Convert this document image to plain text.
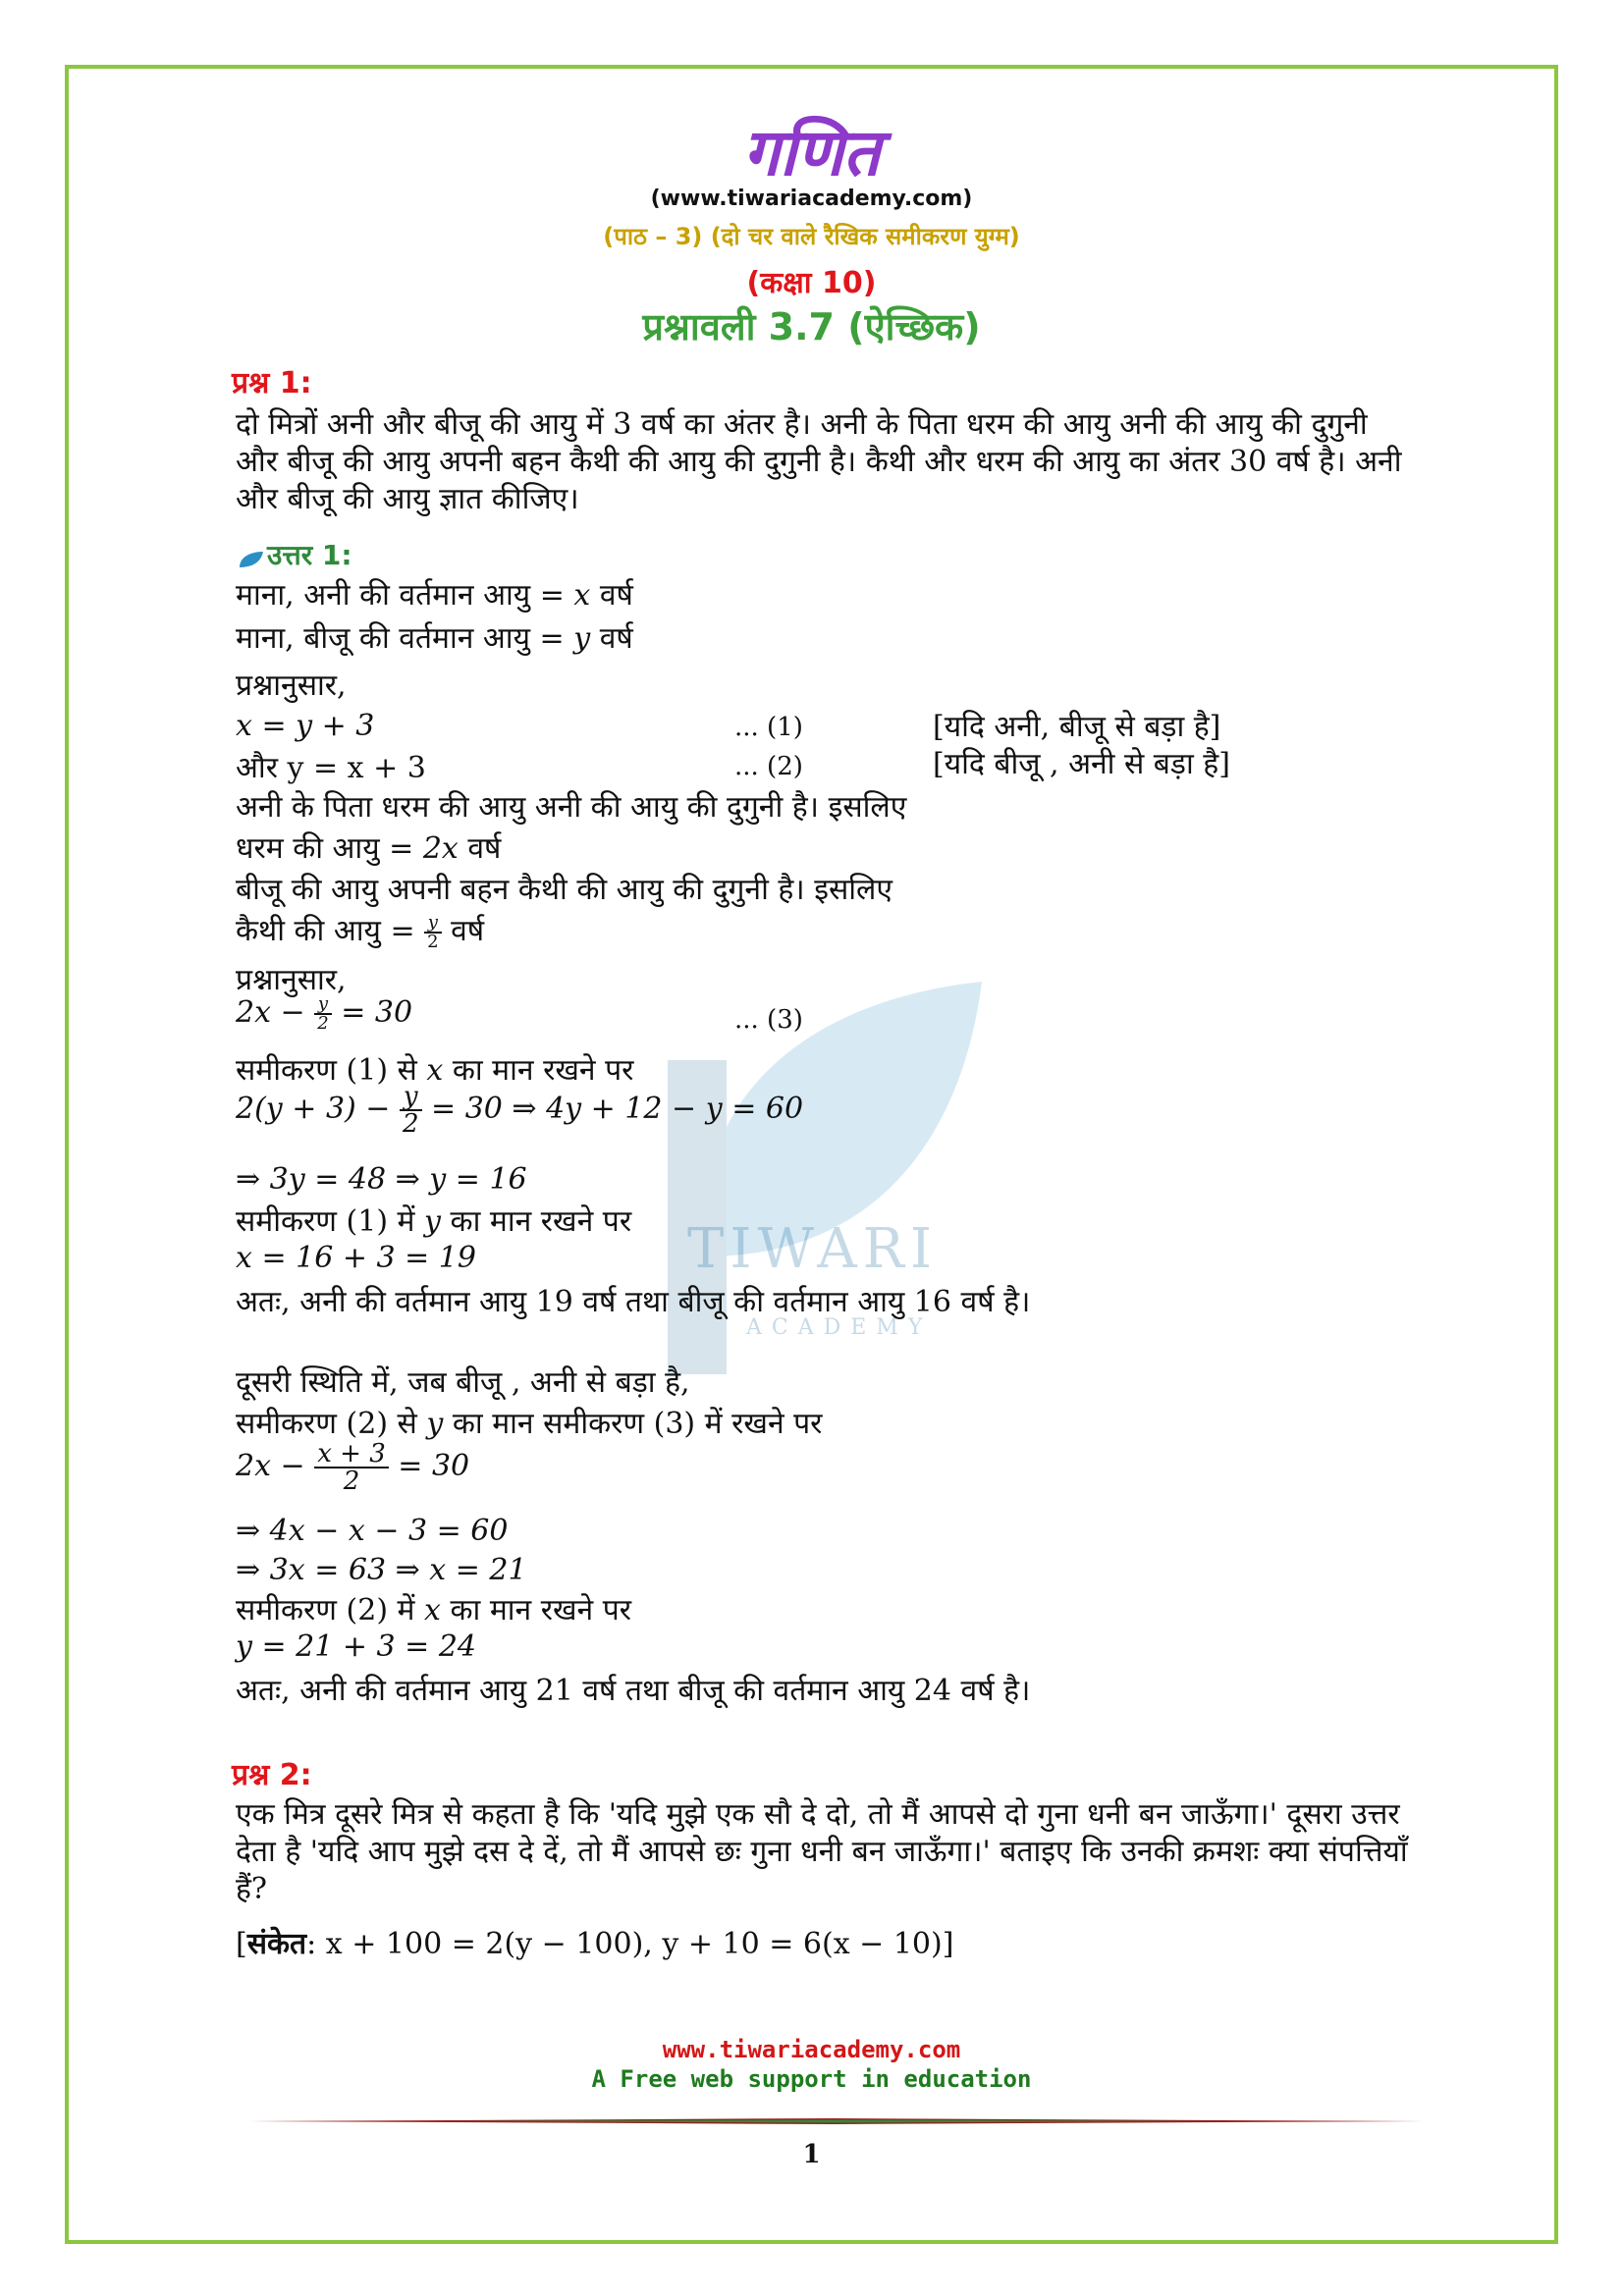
TIWARI
ACADEMY
गणित
(www.tiwariacademy.com)
(पाठ – 3) (दो चर वाले रैखिक समीकरण युग्म)
(कक्षा 10)
प्रश्नावली 3.7 (ऐच्छिक)
प्रश्न 1:
दो मित्रों अनी और बीजू की आयु में 3 वर्ष का अंतर है। अनी के पिता धरम की आयु अनी की आयु की दुगुनी और बीजू की आयु अपनी बहन कैथी की आयु की दुगुनी है। कैथी और धरम की आयु का अंतर 30 वर्ष है। अनी और बीजू की आयु ज्ञात कीजिए।
उत्तर 1:
माना, अनी की वर्तमान आयु = x वर्ष
माना, बीजू की वर्तमान आयु = y वर्ष
प्रश्नानुसार,
x = y + 3	... (1)	[यदि अनी, बीजू से बड़ा है]
और y = x + 3	... (2)	[यदि बीजू , अनी से बड़ा है]
अनी के पिता धरम की आयु अनी की आयु की दुगुनी है। इसलिए
धरम की आयु = 2x वर्ष
बीजू की आयु अपनी बहन कैथी की आयु की दुगुनी है। इसलिए
कैथी की आयु = $\frac{y}{2}$ वर्ष
प्रश्नानुसार,
$2x - \frac{y}{2} = 30$	... (3)
समीकरण (1) से x का मान रखने पर
$2(y + 3) - \frac{y}{2} = 30$ ⇒ 4y + 12 − y = 60
⇒ 3y = 48 ⇒ y = 16
समीकरण (1) में y का मान रखने पर
x = 16 + 3 = 19
अतः, अनी की वर्तमान आयु 19 वर्ष तथा बीजू की वर्तमान आयु 16 वर्ष है।
दूसरी स्थिति में, जब बीजू , अनी से बड़ा है,
समीकरण (2) से y का मान समीकरण (3) में रखने पर
$2x - \frac{x + 3}{2} = 30$
⇒ 4x − x − 3 = 60
⇒ 3x = 63 ⇒ x = 21
समीकरण (2) में x का मान रखने पर
y = 21 + 3 = 24
अतः, अनी की वर्तमान आयु 21 वर्ष तथा बीजू की वर्तमान आयु 24 वर्ष है।
प्रश्न 2:
एक मित्र दूसरे मित्र से कहता है कि 'यदि मुझे एक सौ दे दो, तो मैं आपसे दो गुना धनी बन जाऊँगा।' दूसरा उत्तर देता है 'यदि आप मुझे दस दे दें, तो मैं आपसे छः गुना धनी बन जाऊँगा।' बताइए कि उनकी क्रमशः क्या संपत्तियाँ हैं?
[संकेत: x + 100 = 2(y − 100), y + 10 = 6(x − 10)]
www.tiwariacademy.com
A Free web support in education
1
